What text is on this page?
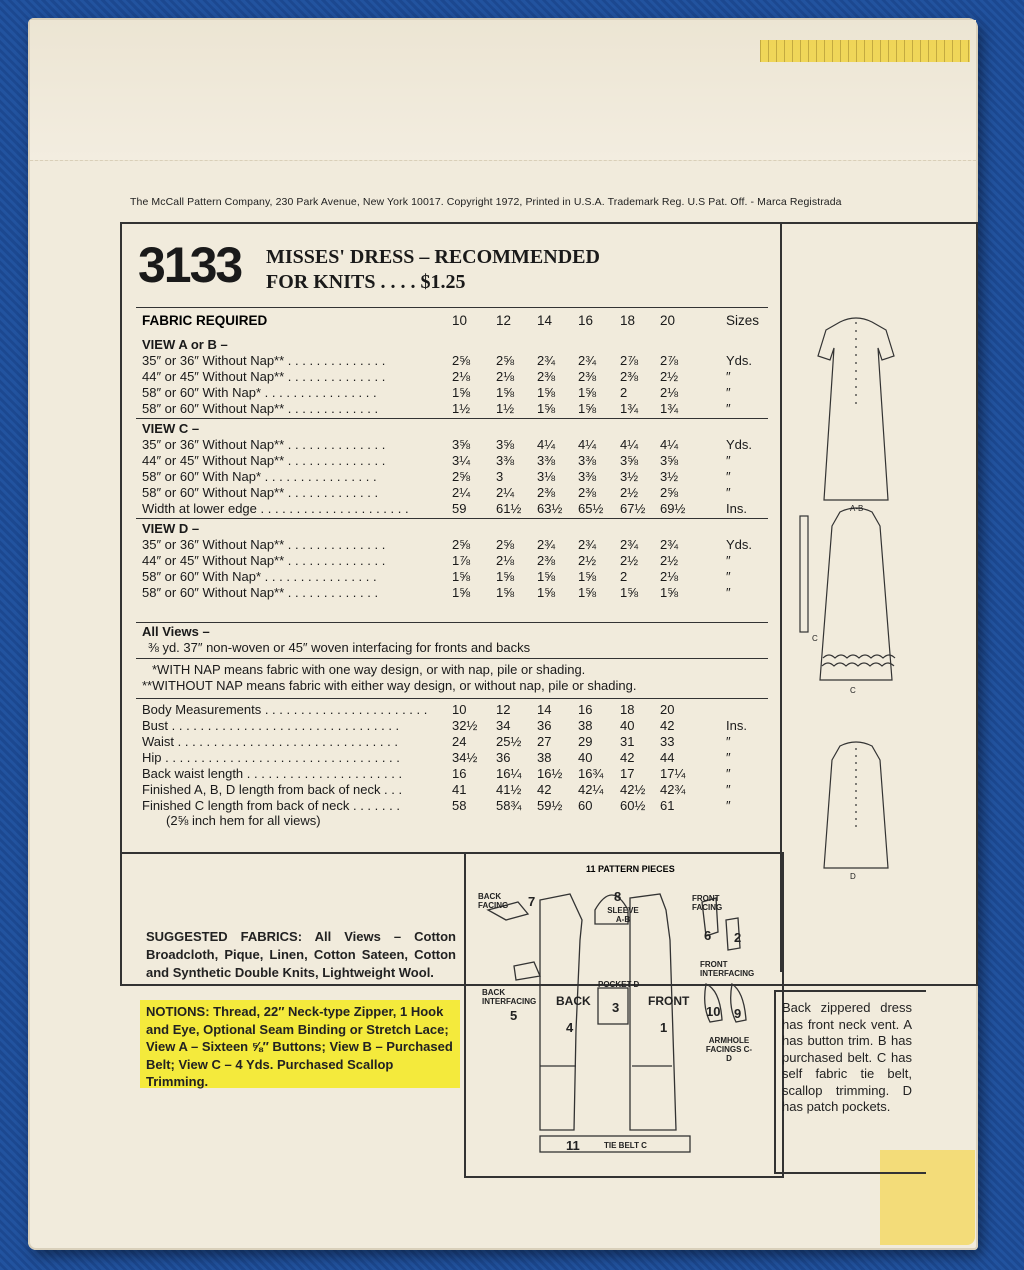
The McCall Pattern Company, 230 Park Avenue, New York 10017. Copyright 1972, Printed in U.S.A. Trademark Reg. U.S Pat. Off. - Marca Registrada
3133 MISSES' DRESS – RECOMMENDED
FOR KNITS . . . . $1.25
FABRIC REQUIRED
All Views –
⅜ yd. 37″ non-woven or 45″ woven interfacing for fronts and backs
*WITH NAP means fabric with one way design, or with nap, pile or shading.
**WITHOUT NAP means fabric with either way design, or without nap, pile or shading.
(2⅝ inch hem for all views)
SUGGESTED FABRICS: All Views – Cotton Broadcloth, Pique, Linen, Cotton Sateen, Cotton and Synthetic Double Knits, Lightweight Wool.
NOTIONS: Thread, 22″ Neck-type Zipper, 1 Hook and Eye, Optional Seam Binding or Stretch Lace; View A – Sixteen ⅝″ Buttons; View B – Purchased Belt; View C – 4 Yds. Purchased Scallop Trimming.
11 PATTERN PIECES
BACK FACING	7	8
SLEEVE A-B
FRONT FACING
6 2
FRONT INTERFACING
BACK INTERFACING
5
POCKET D
3
BACK
4
FRONT
1
10 9
ARMHOLE FACINGS C-D
11	TIE BELT C
A-B
C
C
D
Back zippered dress has front neck vent. A has button trim. B has purchased belt. C has self fabric tie belt, scallop trimming. D has patch pockets.
10 12 14 16 18 20	Sizes
VIEW A or B –
35″ or 36″ Without Nap** . . . . . . . . . . . . . .	2⅝ 2⅝ 2¾ 2¾ 2⅞ 2⅞	Yds.
44″ or 45″ Without Nap** . . . . . . . . . . . . . .	2⅛ 2⅛ 2⅜ 2⅜ 2⅜ 2½	″
58″ or 60″ With Nap* . . . . . . . . . . . . . . . .	1⅝ 1⅝ 1⅝ 1⅝ 2	2⅛	″
58″ or 60″ Without Nap** . . . . . . . . . . . . .	1½ 1½ 1⅝ 1⅝ 1¾ 1¾	″
VIEW C –
35″ or 36″ Without Nap** . . . . . . . . . . . . . .	3⅝ 3⅝ 4¼ 4¼ 4¼ 4¼	Yds.
44″ or 45″ Without Nap** . . . . . . . . . . . . . .	3¼ 3⅜ 3⅜ 3⅜ 3⅝ 3⅝	″
58″ or 60″ With Nap* . . . . . . . . . . . . . . . .	2⅝ 3	3⅛ 3⅜ 3½ 3½	″
58″ or 60″ Without Nap** . . . . . . . . . . . . .	2¼ 2¼ 2⅜ 2⅜ 2½ 2⅝	″
Width at lower edge . . . . . . . . . . . . . . . . . . . . .	59 61½ 63½ 65½ 67½ 69½	Ins.
VIEW D –
35″ or 36″ Without Nap** . . . . . . . . . . . . . .	2⅝ 2⅝ 2¾ 2¾ 2¾ 2¾	Yds.
44″ or 45″ Without Nap** . . . . . . . . . . . . . .	1⅞ 2⅛ 2⅜ 2½ 2½ 2½	″
58″ or 60″ With Nap* . . . . . . . . . . . . . . . .	1⅝ 1⅝ 1⅝ 1⅝ 2	2⅛	″
58″ or 60″ Without Nap** . . . . . . . . . . . . .	1⅝ 1⅝ 1⅝ 1⅝ 1⅝ 1⅝	″
Body Measurements . . . . . . . . . . . . . . . . . . . . . . . 10 12 14 16 18 20
Bust . . . . . . . . . . . . . . . . . . . . . . . . . . . . . . . .	32½ 34 36 38 40 42	Ins.
Waist . . . . . . . . . . . . . . . . . . . . . . . . . . . . . . .	24 25½ 27 29 31 33	″
Hip . . . . . . . . . . . . . . . . . . . . . . . . . . . . . . . . .	34½ 36 38 40 42 44	″
Back waist length . . . . . . . . . . . . . . . . . . . . . .	16 16¼ 16½ 16¾ 17 17¼	″
Finished A, B, D length from back of neck . . .	41 41½ 42 42¼ 42½ 42¾	″
Finished C length from back of neck . . . . . . .	58 58¾ 59½ 60 60½ 61	″
